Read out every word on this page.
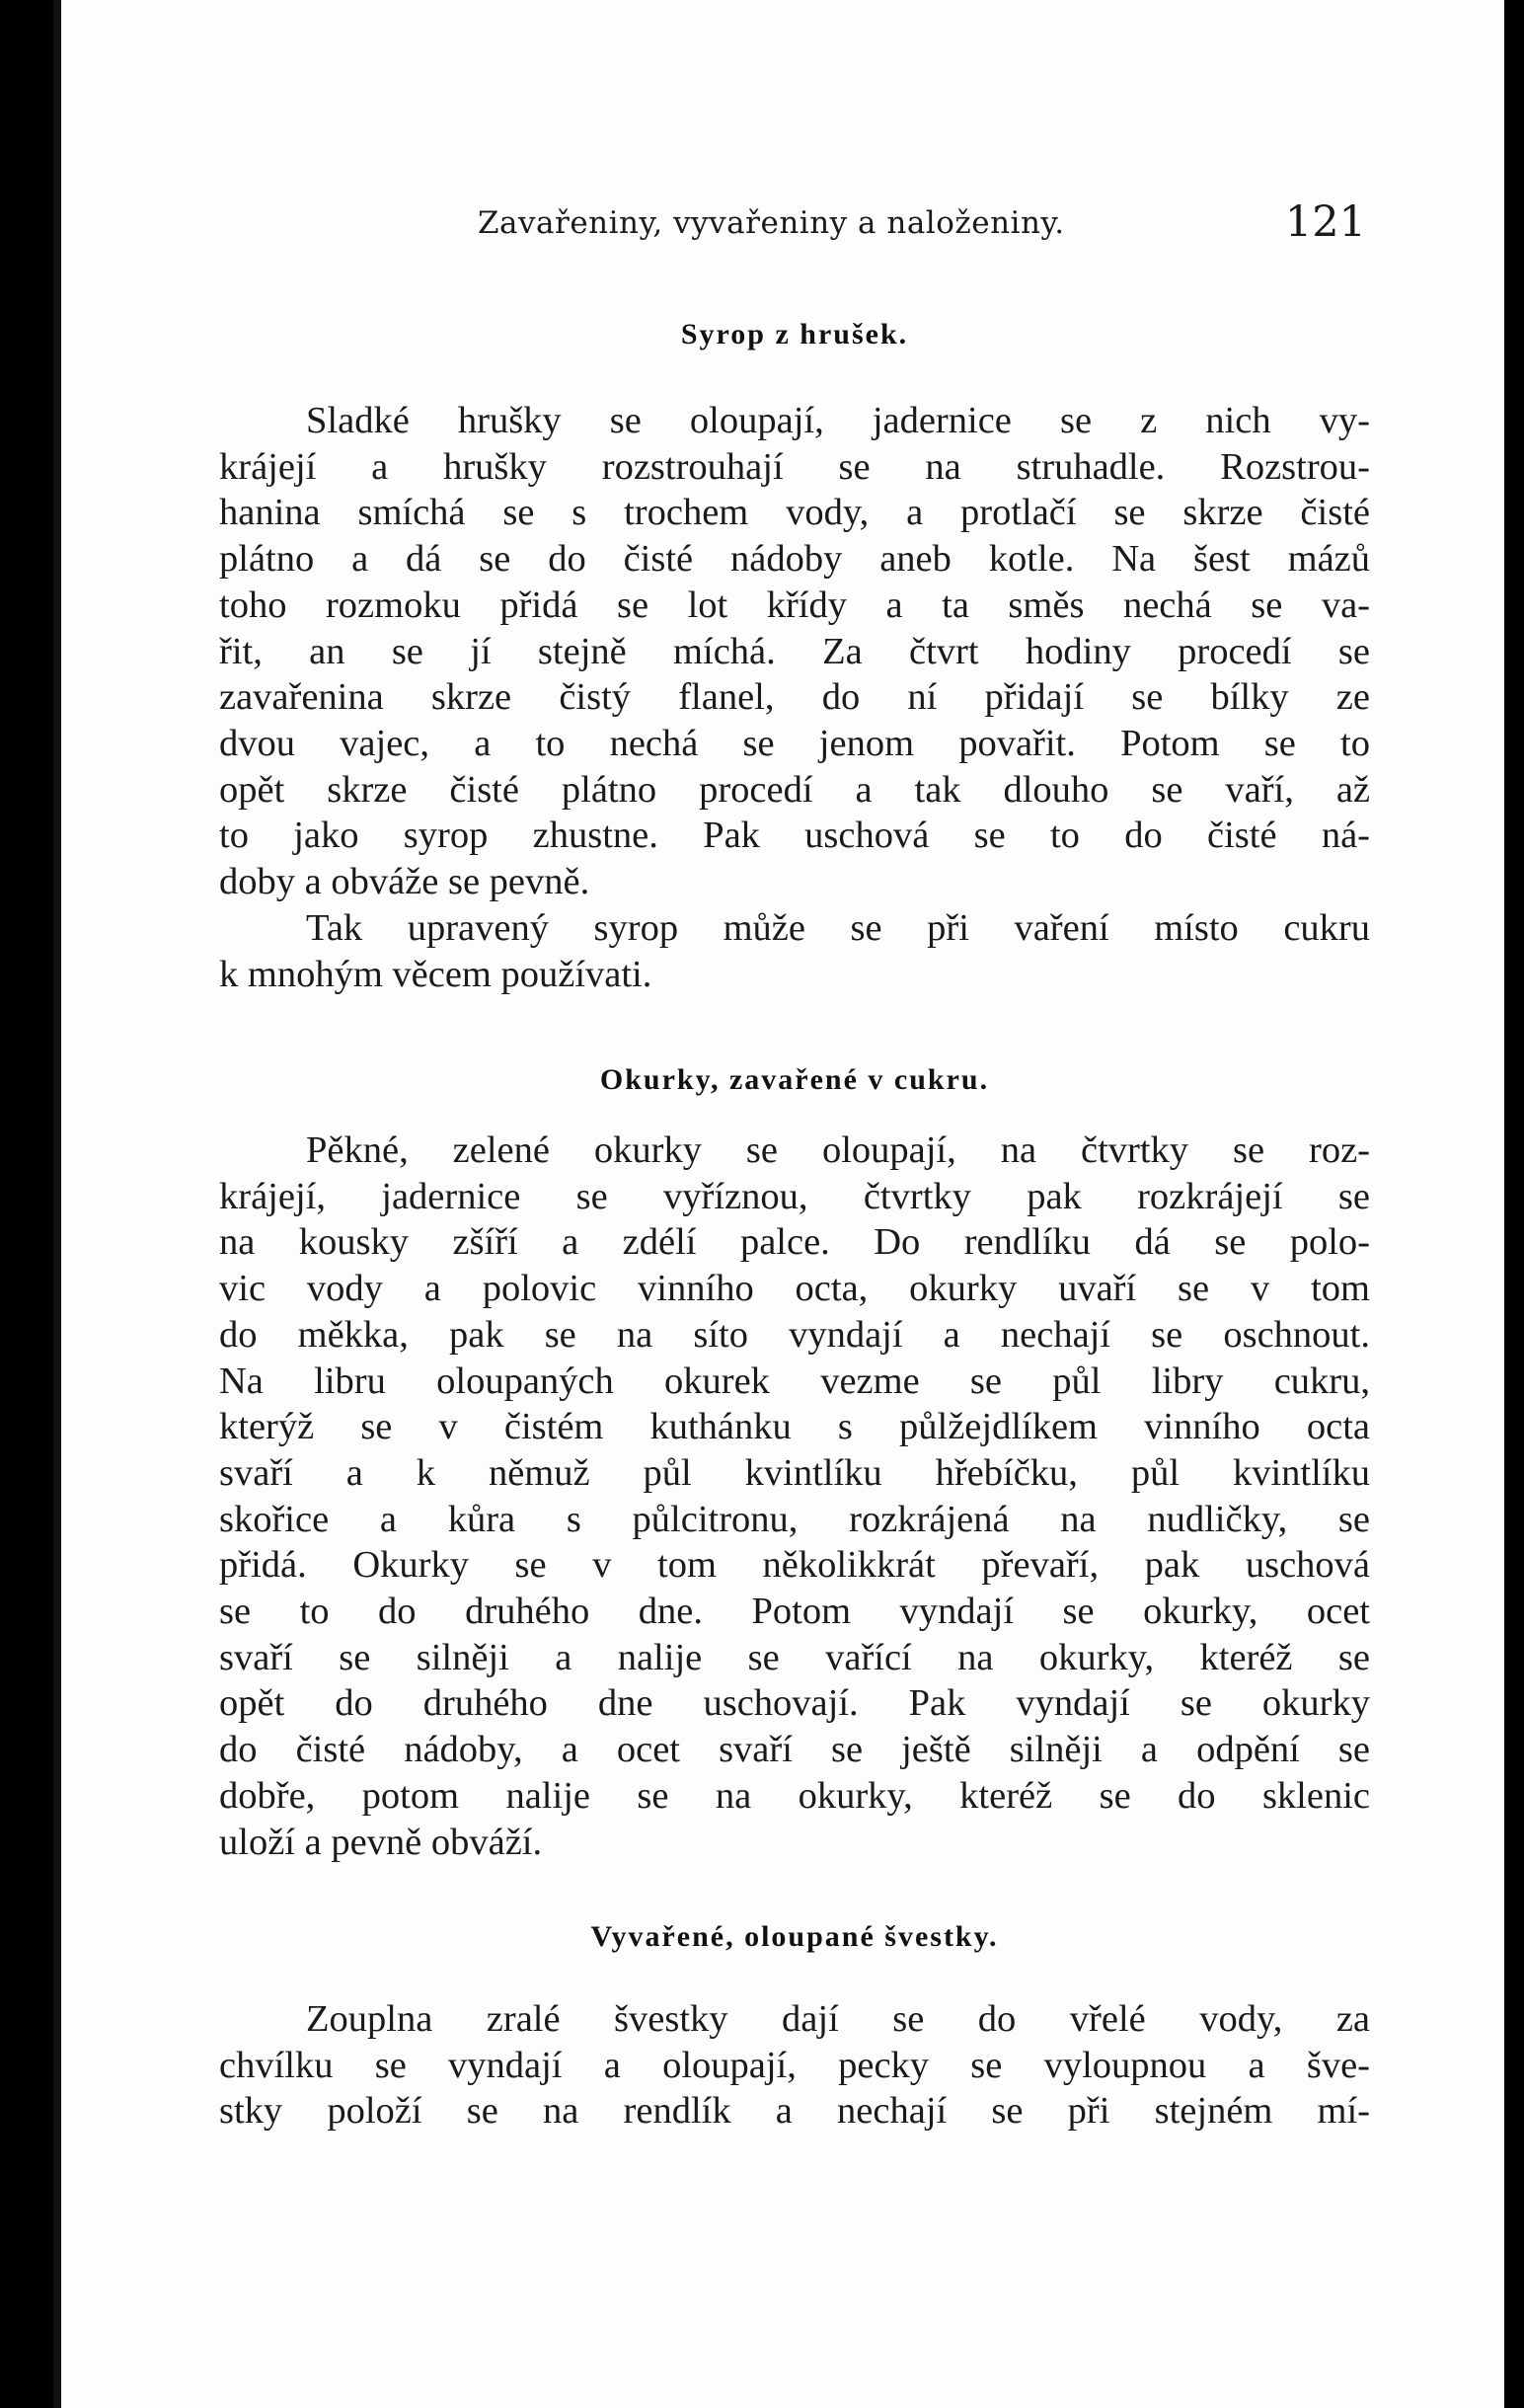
Zavařeniny, vyvařeniny a naloženiny.	121
Syrop z hrušek.
Sladké hrušky se oloupají, jadernice se z nich vy-
krájejí a hrušky rozstrouhají se na struhadle. Rozstrou-
hanina smíchá se s trochem vody, a protlačí se skrze čisté
plátno a dá se do čisté nádoby aneb kotle. Na šest mázů
toho rozmoku přidá se lot křídy a ta směs nechá se va-
řit, an se jí stejně míchá. Za čtvrt hodiny procedí se
zavařenina skrze čistý flanel, do ní přidají se bílky ze
dvou vajec, a to nechá se jenom povařit. Potom se to
opět skrze čisté plátno procedí a tak dlouho se vaří, až
to jako syrop zhustne. Pak uschová se to do čisté ná-
doby a obváže se pevně.
Tak upravený syrop může se při vaření místo cukru
k mnohým věcem používati.
Okurky, zavařené v cukru.
Pěkné, zelené okurky se oloupají, na čtvrtky se roz-
krájejí, jadernice se vyříznou, čtvrtky pak rozkrájejí se
na kousky zšíří a zdélí palce. Do rendlíku dá se polo-
vic vody a polovic vinního octa, okurky uvaří se v tom
do měkka, pak se na síto vyndají a nechají se oschnout.
Na libru oloupaných okurek vezme se půl libry cukru,
kterýž se v čistém kuthánku s půlžejdlíkem vinního octa
svaří a k němuž půl kvintlíku hřebíčku, půl kvintlíku
skořice a kůra s půlcitronu, rozkrájená na nudličky, se
přidá. Okurky se v tom několikkrát převaří, pak uschová
se to do druhého dne. Potom vyndají se okurky, ocet
svaří se silněji a nalije se vařící na okurky, kteréž se
opět do druhého dne uschovají. Pak vyndají se okurky
do čisté nádoby, a ocet svaří se ještě silněji a odpění se
dobře, potom nalije se na okurky, kteréž se do sklenic
uloží a pevně obváží.
Vyvařené, oloupané švestky.
Zouplna zralé švestky dají se do vřelé vody, za
chvílku se vyndají a oloupají, pecky se vyloupnou a šve-
stky položí se na rendlík a nechají se při stejném mí-
